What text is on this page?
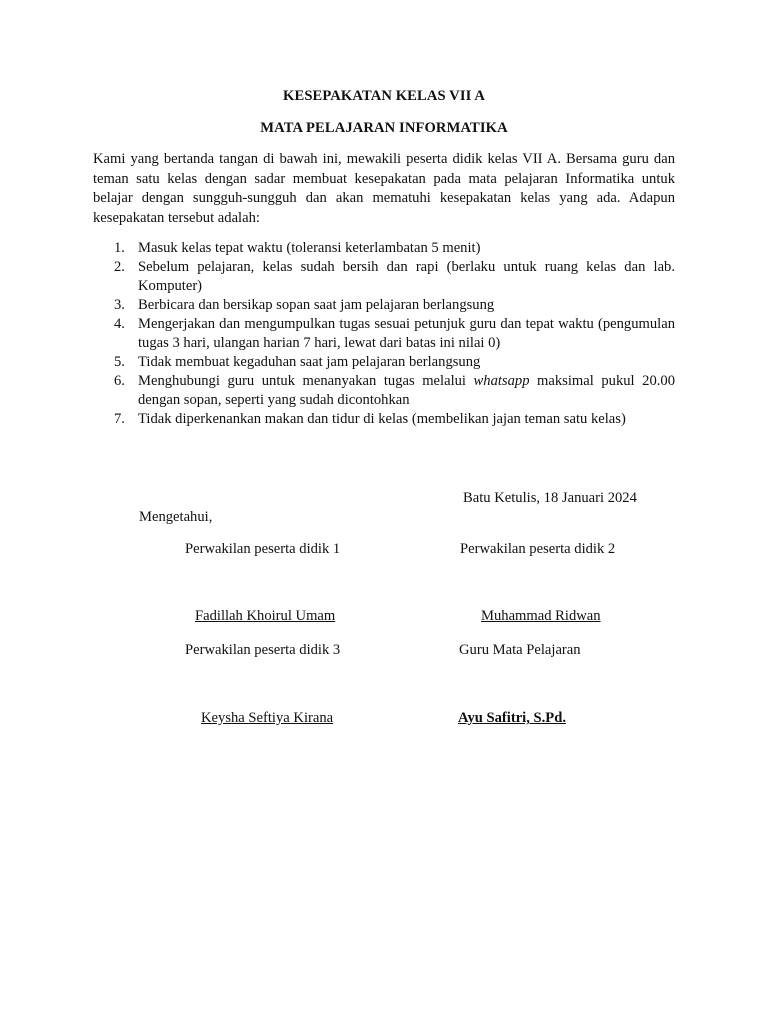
KESEPAKATAN KELAS VII A
MATA PELAJARAN INFORMATIKA
Kami yang bertanda tangan di bawah ini, mewakili peserta didik kelas VII A. Bersama guru dan teman satu kelas dengan sadar membuat kesepakatan pada mata pelajaran Informatika untuk belajar dengan sungguh-sungguh dan akan mematuhi kesepakatan kelas yang ada. Adapun kesepakatan tersebut adalah:
1. Masuk kelas tepat waktu (toleransi keterlambatan 5 menit)
2. Sebelum pelajaran, kelas sudah bersih dan rapi (berlaku untuk ruang kelas dan lab. Komputer)
3. Berbicara dan bersikap sopan saat jam pelajaran berlangsung
4. Mengerjakan dan mengumpulkan tugas sesuai petunjuk guru dan tepat waktu (pengumulan tugas 3 hari, ulangan harian 7 hari, lewat dari batas ini nilai 0)
5. Tidak membuat kegaduhan saat jam pelajaran berlangsung
6. Menghubungi guru untuk menanyakan tugas melalui whatsapp maksimal pukul 20.00 dengan sopan, seperti yang sudah dicontohkan
7. Tidak diperkenankan makan dan tidur di kelas (membelikan jajan teman satu kelas)
Batu Ketulis, 18 Januari 2024
Mengetahui,
Perwakilan peserta didik 1	Perwakilan peserta didik 2
Fadillah Khoirul Umam	Muhammad Ridwan
Perwakilan peserta didik 3	Guru Mata Pelajaran
Keysha Seftiya Kirana	Ayu Safitri, S.Pd.
